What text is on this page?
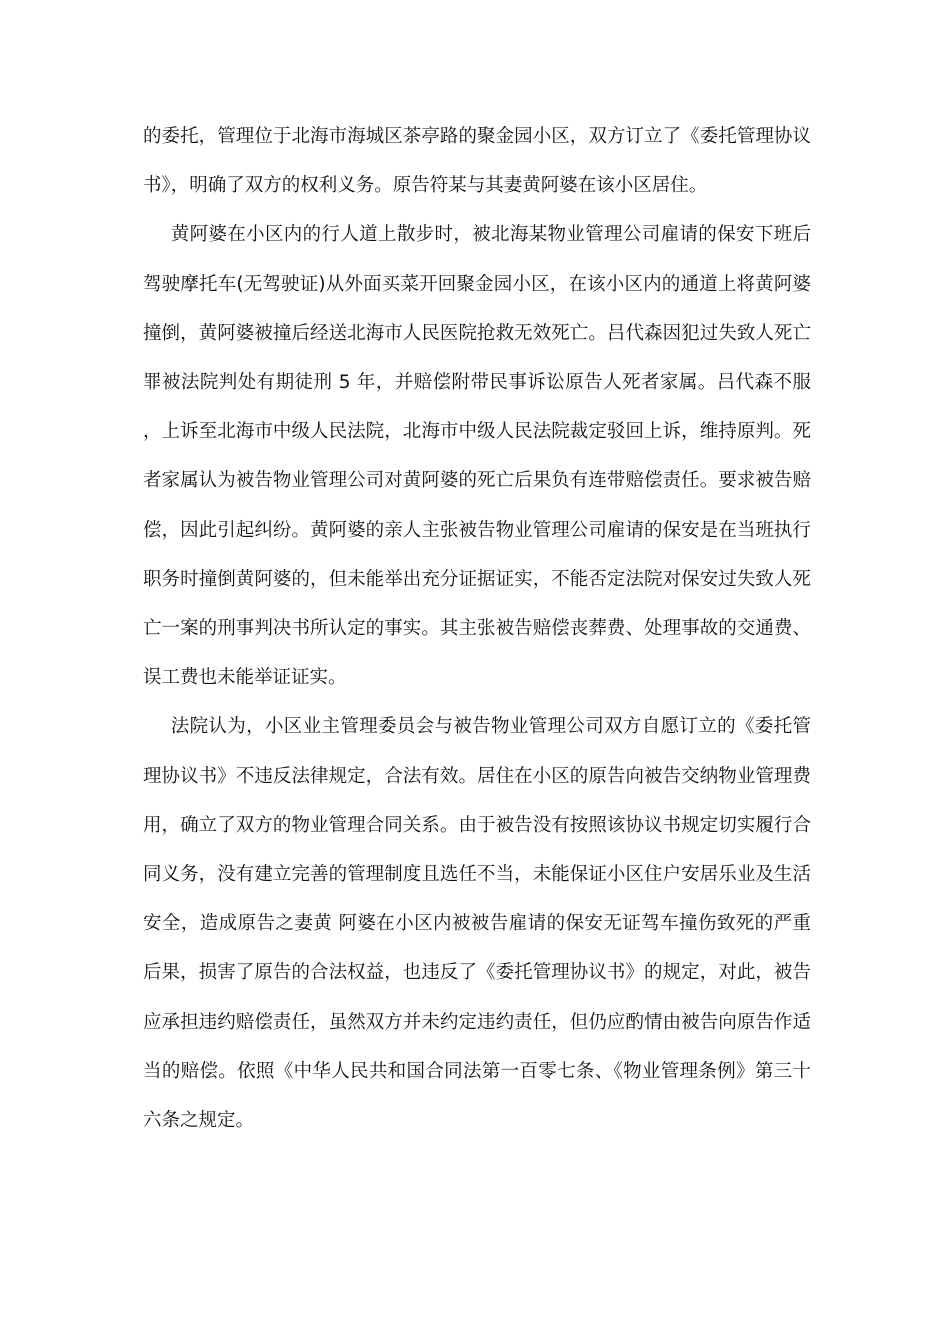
的委托，管理位于北海市海城区茶亭路的聚金园小区，双方订立了《委托管理协议书》，明确了双方的权利义务。原告符某与其妻黄阿婆在该小区居住。

黄阿婆在小区内的行人道上散步时，被北海某物业管理公司雇请的保安下班后驾驶摩托车(无驾驶证)从外面买菜开回聚金园小区，在该小区内的通道上将黄阿婆撞倒，黄阿婆被撞后经送北海市人民医院抢救无效死亡。吕代森因犯过失致人死亡罪被法院判处有期徒刑 5 年，并赔偿附带民事诉讼原告人死者家属。吕代森不服，上诉至北海市中级人民法院，北海市中级人民法院裁定驳回上诉，维持原判。死者家属认为被告物业管理公司对黄阿婆的死亡后果负有连带赔偿责任。要求被告赔偿，因此引起纠纷。黄阿婆的亲人主张被告物业管理公司雇请的保安是在当班执行职务时撞倒黄阿婆的，但未能举出充分证据证实，不能否定法院对保安过失致人死亡一案的刑事判决书所认定的事实。其主张被告赔偿丧葬费、处理事故的交通费、误工费也未能举证证实。

法院认为，小区业主管理委员会与被告物业管理公司双方自愿订立的《委托管理协议书》不违反法律规定，合法有效。居住在小区的原告向被告交纳物业管理费用，确立了双方的物业管理合同关系。由于被告没有按照该协议书规定切实履行合同义务，没有建立完善的管理制度且选任不当，未能保证小区住户安居乐业及生活安全，造成原告之妻黄 阿婆在小区内被被告雇请的保安无证驾车撞伤致死的严重后果，损害了原告的合法权益，也违反了《委托管理协议书》的规定，对此，被告应承担违约赔偿责任，虽然双方并未约定违约责任，但仍应酌情由被告向原告作适当的赔偿。依照《中华人民共和国合同法第一百零七条、《物业管理条例》第三十六条之规定。
